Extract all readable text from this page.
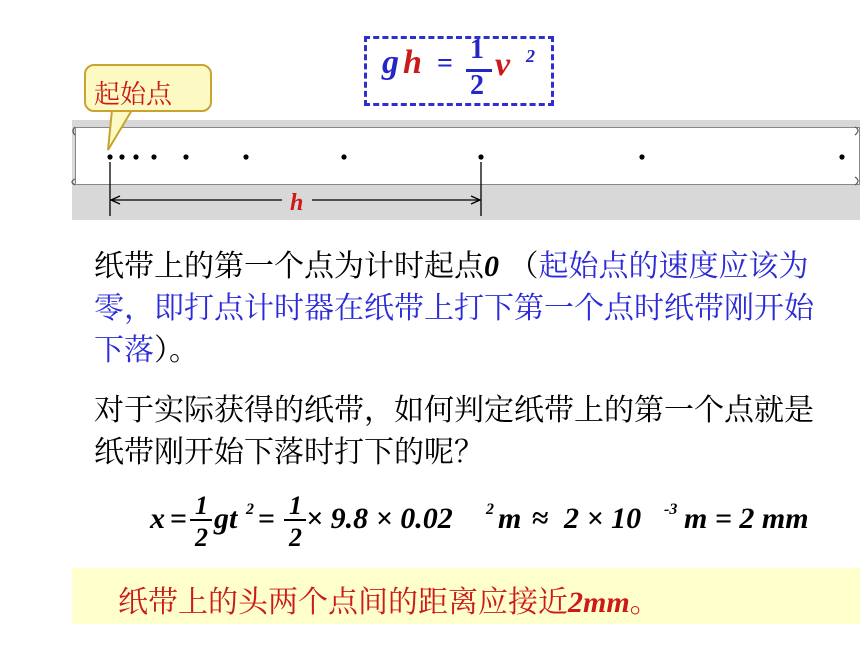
g h = 1
2
v 2
h
起始点
纸带上的第一个点为计时起点0 （起始点的速度应该为零，即打点计时器在纸带上打下第一个点时纸带刚开始下落）。
对于实际获得的纸带，如何判定纸带上的第一个点就是纸带刚开始下落时打下的呢？
x = 1
2
gt 2 = 1
2
× 9.8 × 0.02 2 m ≈ 2 × 10 -3 m = 2 mm
纸带上的头两个点间的距离应接近2mm。
